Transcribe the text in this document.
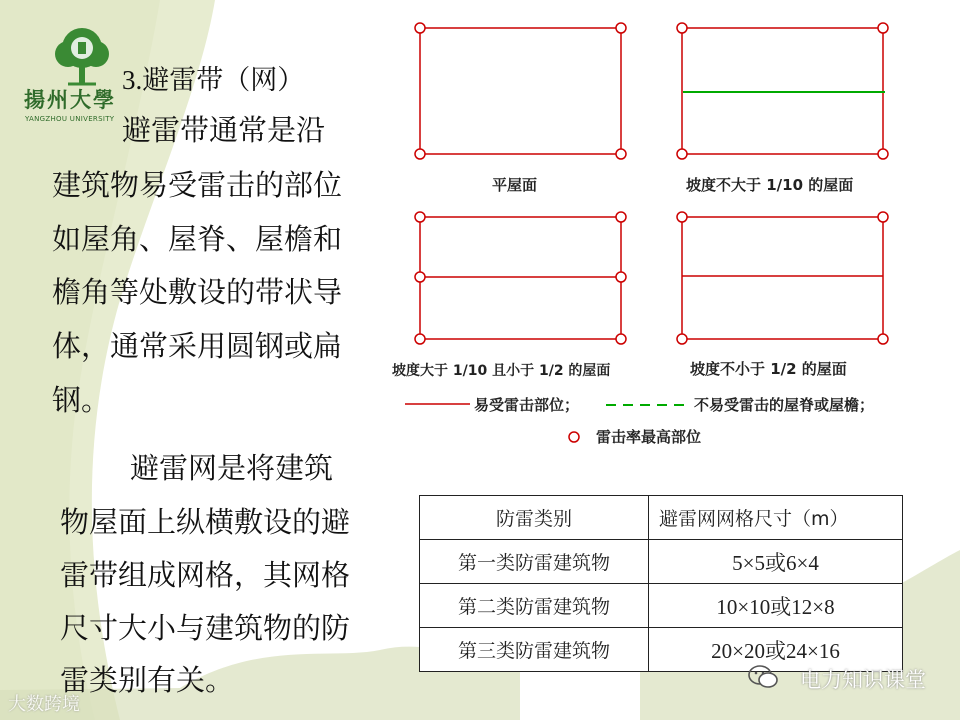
揚州大學
YANGZHOU UNIVERSITY
3.避雷带（网）
避雷带通常是沿
建筑物易受雷击的部位
如屋角、屋脊、屋檐和
檐角等处敷设的带状导
体，通常采用圆钢或扁
钢。
避雷网是将建筑
物屋面上纵横敷设的避
雷带组成网格，其网格
尺寸大小与建筑物的防
雷类别有关。
平屋面	坡度不大于 1/10 的屋面
坡度大于 1/10 且小于 1/2 的屋面	坡度不小于 1/2 的屋面
易受雷击部位；	不易受雷击的屋脊或屋檐；
雷击率最高部位
防雷类别	避雷网网格尺寸（m）
第一类防雷建筑物	5×5或6×4
第二类防雷建筑物	10×10或12×8
第三类防雷建筑物	20×20或24×16
电力知识课堂
大数跨境
